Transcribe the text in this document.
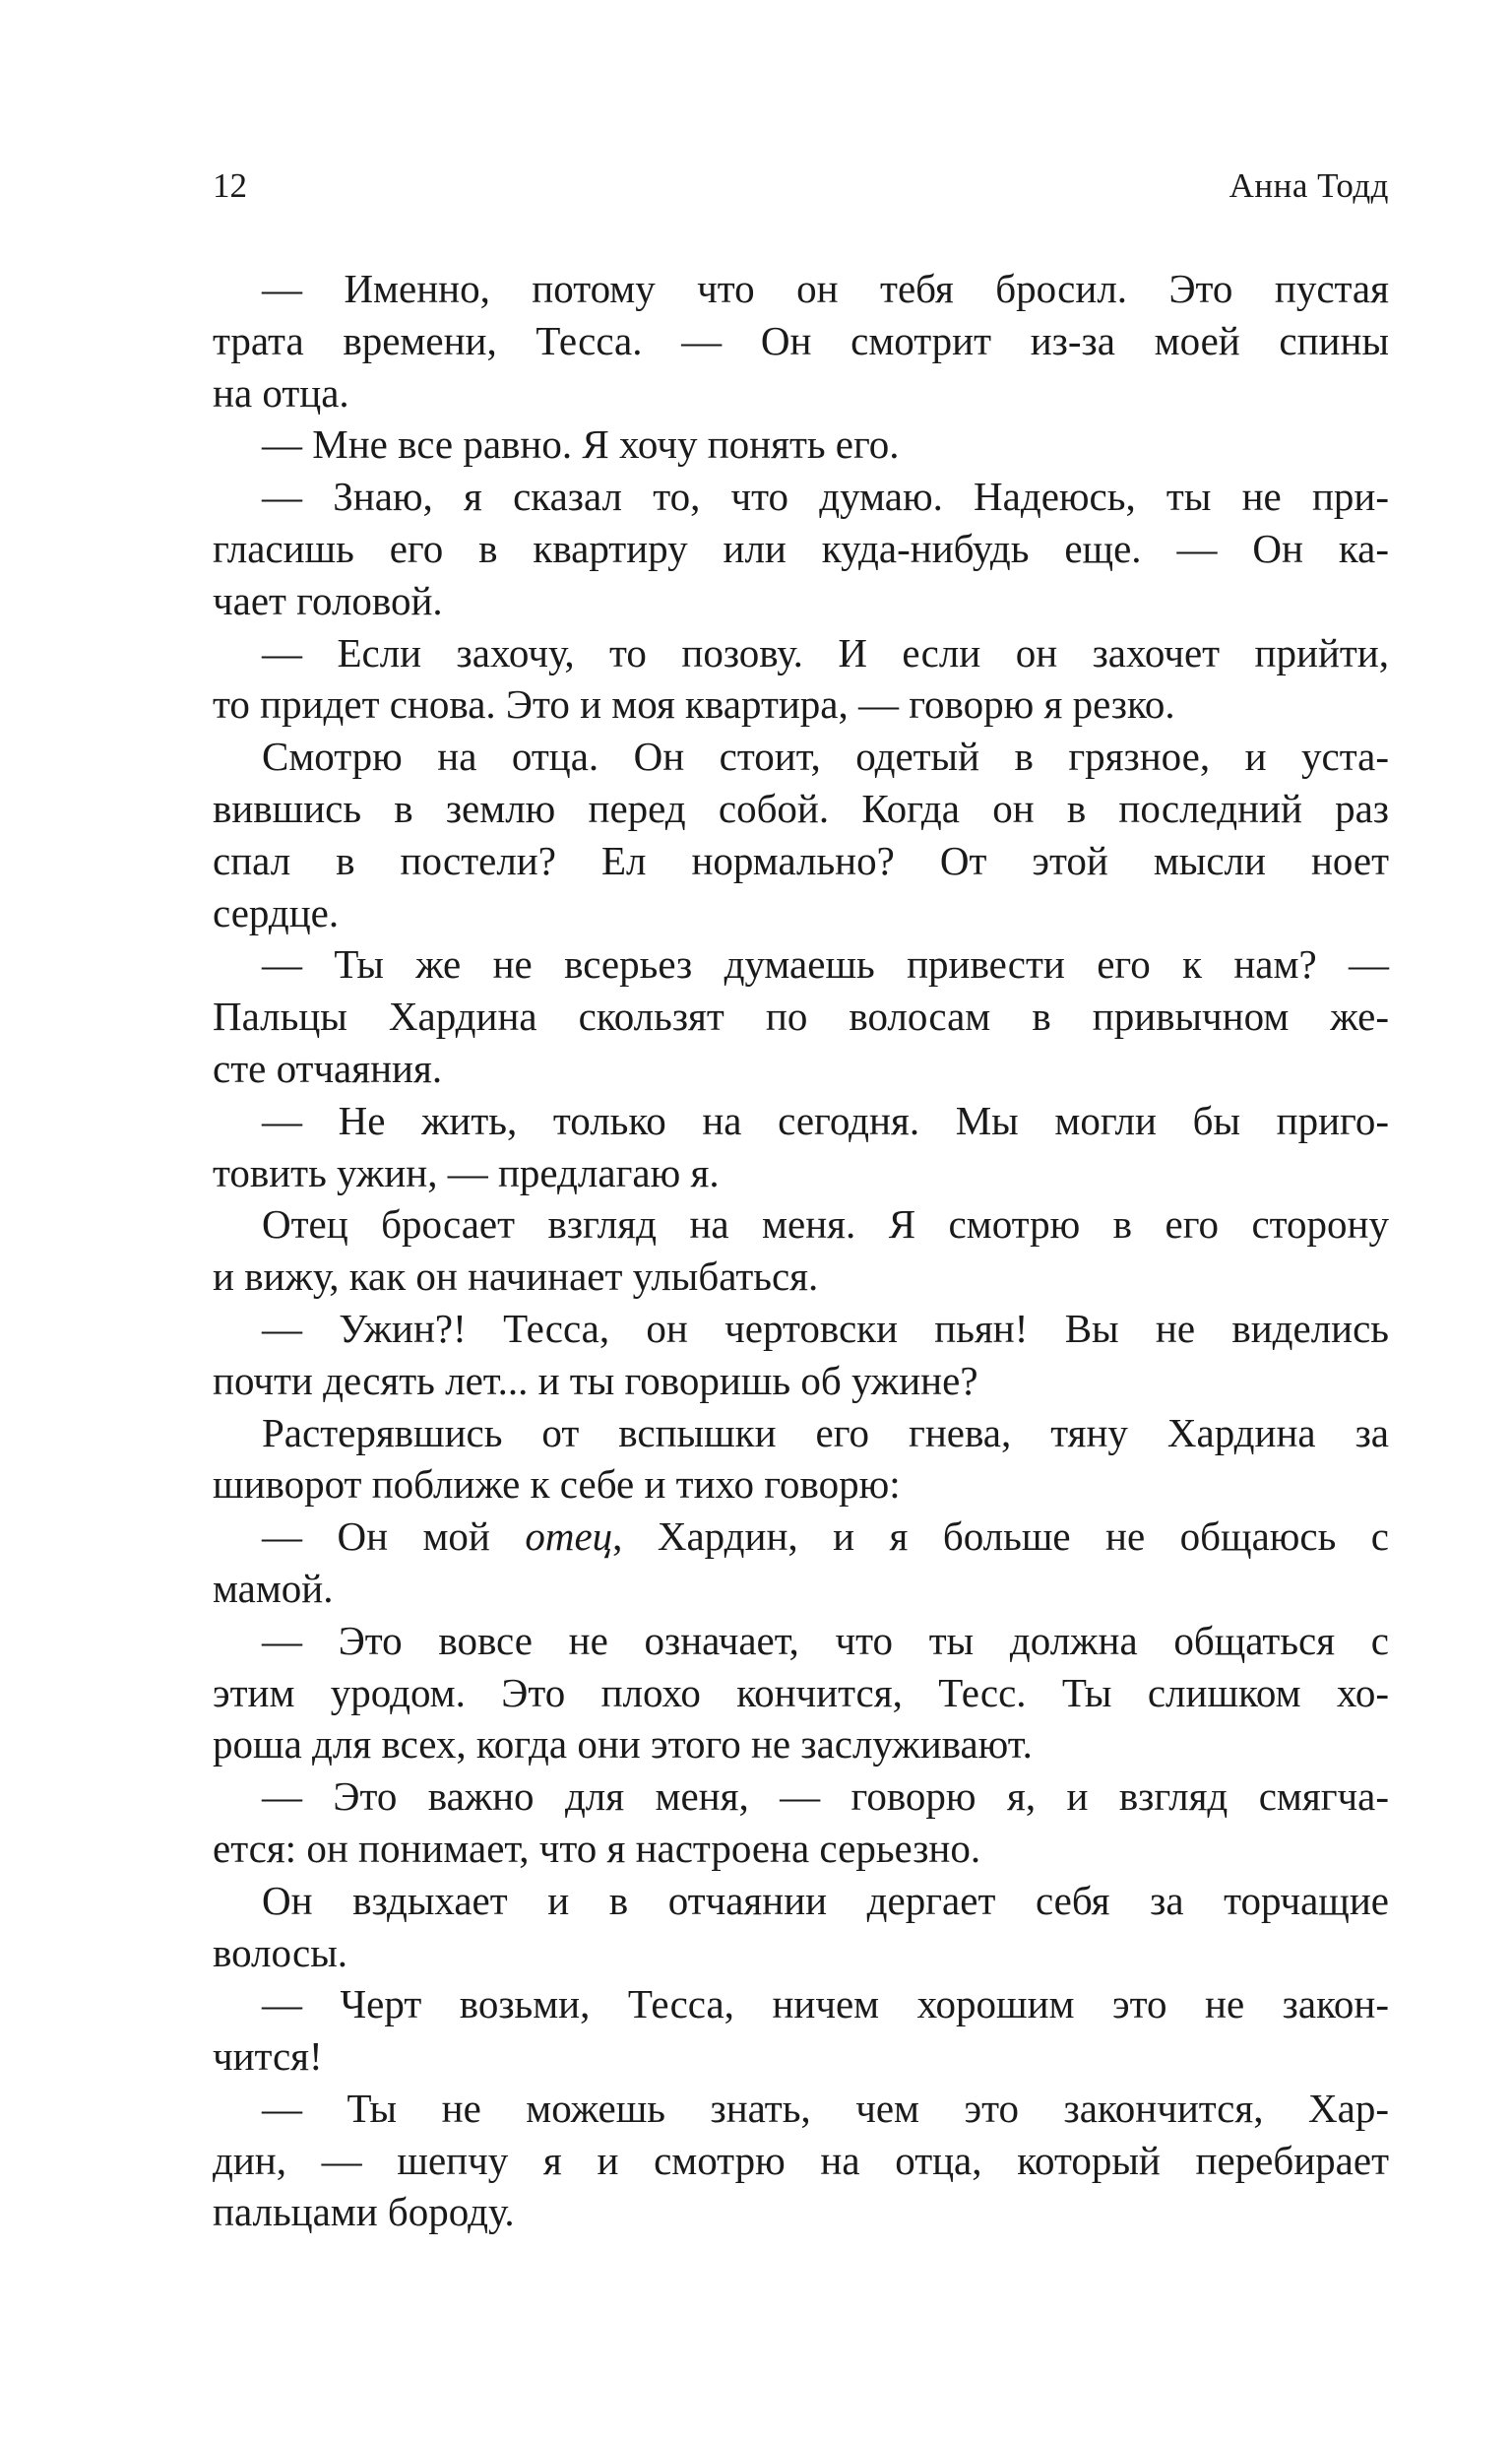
12	Анна Тодд
— Именно, потому что он тебя бросил. Это пустая
трата времени, Тесса. — Он смотрит из-за моей спины
на отца.
— Мне все равно. Я хочу понять его.
— Знаю, я сказал то, что думаю. Надеюсь, ты не при-
гласишь его в квартиру или куда-нибудь еще. — Он ка-
чает головой.
— Если захочу, то позову. И если он захочет прийти,
то придет снова. Это и моя квартира, — говорю я резко.
Смотрю на отца. Он стоит, одетый в грязное, и уста-
вившись в землю перед собой. Когда он в последний раз
спал в постели? Ел нормально? От этой мысли ноет
сердце.
— Ты же не всерьез думаешь привести его к нам? —
Пальцы Хардина скользят по волосам в привычном же-
сте отчаяния.
— Не жить, только на сегодня. Мы могли бы приго-
товить ужин, — предлагаю я.
Отец бросает взгляд на меня. Я смотрю в его сторону
и вижу, как он начинает улыбаться.
— Ужин?! Тесса, он чертовски пьян! Вы не виделись
почти десять лет... и ты говоришь об ужине?
Растерявшись от вспышки его гнева, тяну Хардина за
шиворот поближе к себе и тихо говорю:
— Он мой отец, Хардин, и я больше не общаюсь с
мамой.
— Это вовсе не означает, что ты должна общаться с
этим уродом. Это плохо кончится, Тесс. Ты слишком хо-
роша для всех, когда они этого не заслуживают.
— Это важно для меня, — говорю я, и взгляд смягча-
ется: он понимает, что я настроена серьезно.
Он вздыхает и в отчаянии дергает себя за торчащие
волосы.
— Черт возьми, Тесса, ничем хорошим это не закон-
чится!
— Ты не можешь знать, чем это закончится, Хар-
дин, — шепчу я и смотрю на отца, который перебирает
пальцами бороду.
